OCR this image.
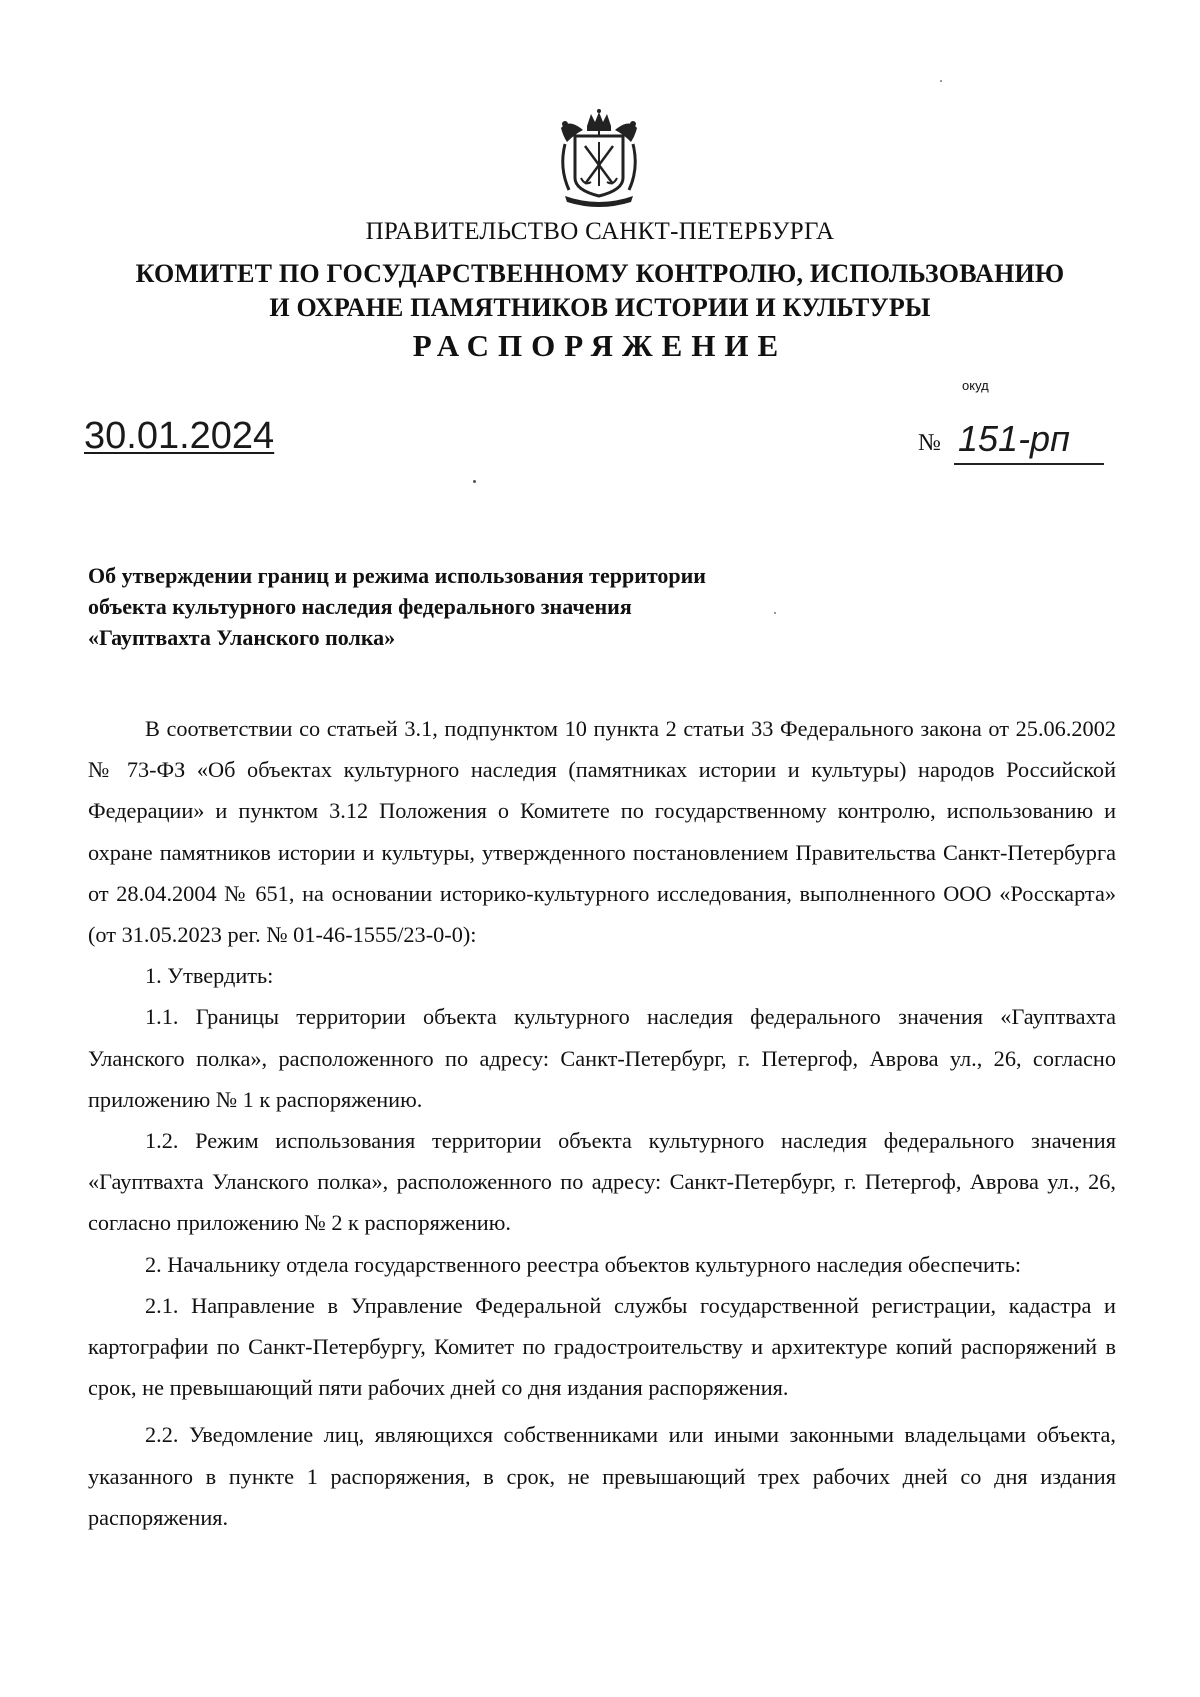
ПРАВИТЕЛЬСТВО САНКТ-ПЕТЕРБУРГА
КОМИТЕТ ПО ГОСУДАРСТВЕННОМУ КОНТРОЛЮ, ИСПОЛЬЗОВАНИЮ
И ОХРАНЕ ПАМЯТНИКОВ ИСТОРИИ И КУЛЬТУРЫ
РАСПОРЯЖЕНИЕ
окуд
30.01.2024	№ 151-рп
Об утверждении границ и режима использования территории
объекта культурного наследия федерального значения
«Гауптвахта Уланского полка»

В соответствии со статьей 3.1, подпунктом 10 пункта 2 статьи 33 Федерального закона от 25.06.2002 № 73-ФЗ «Об объектах культурного наследия (памятниках истории и культуры) народов Российской Федерации» и пунктом 3.12 Положения о Комитете по государственному контролю, использованию и охране памятников истории и культуры, утвержденного постановлением Правительства Санкт-Петербурга от 28.04.2004 № 651, на основании историко-культурного исследования, выполненного ООО «Росскарта» (от 31.05.2023 рег. № 01-46-1555/23-0-0):

1. Утвердить:

1.1. Границы территории объекта культурного наследия федерального значения «Гауптвахта Уланского полка», расположенного по адресу: Санкт-Петербург, г. Петергоф, Аврова ул., 26, согласно приложению № 1 к распоряжению.

1.2. Режим использования территории объекта культурного наследия федерального значения «Гауптвахта Уланского полка», расположенного по адресу: Санкт-Петербург, г. Петергоф, Аврова ул., 26, согласно приложению № 2 к распоряжению.

2. Начальнику отдела государственного реестра объектов культурного наследия обеспечить:

2.1. Направление в Управление Федеральной службы государственной регистрации, кадастра и картографии по Санкт-Петербургу, Комитет по градостроительству и архитектуре копий распоряжений в срок, не превышающий пяти рабочих дней со дня издания распоряжения.

2.2. Уведомление лиц, являющихся собственниками или иными законными владельцами объекта, указанного в пункте 1 распоряжения, в срок, не превышающий трех рабочих дней со дня издания распоряжения.
